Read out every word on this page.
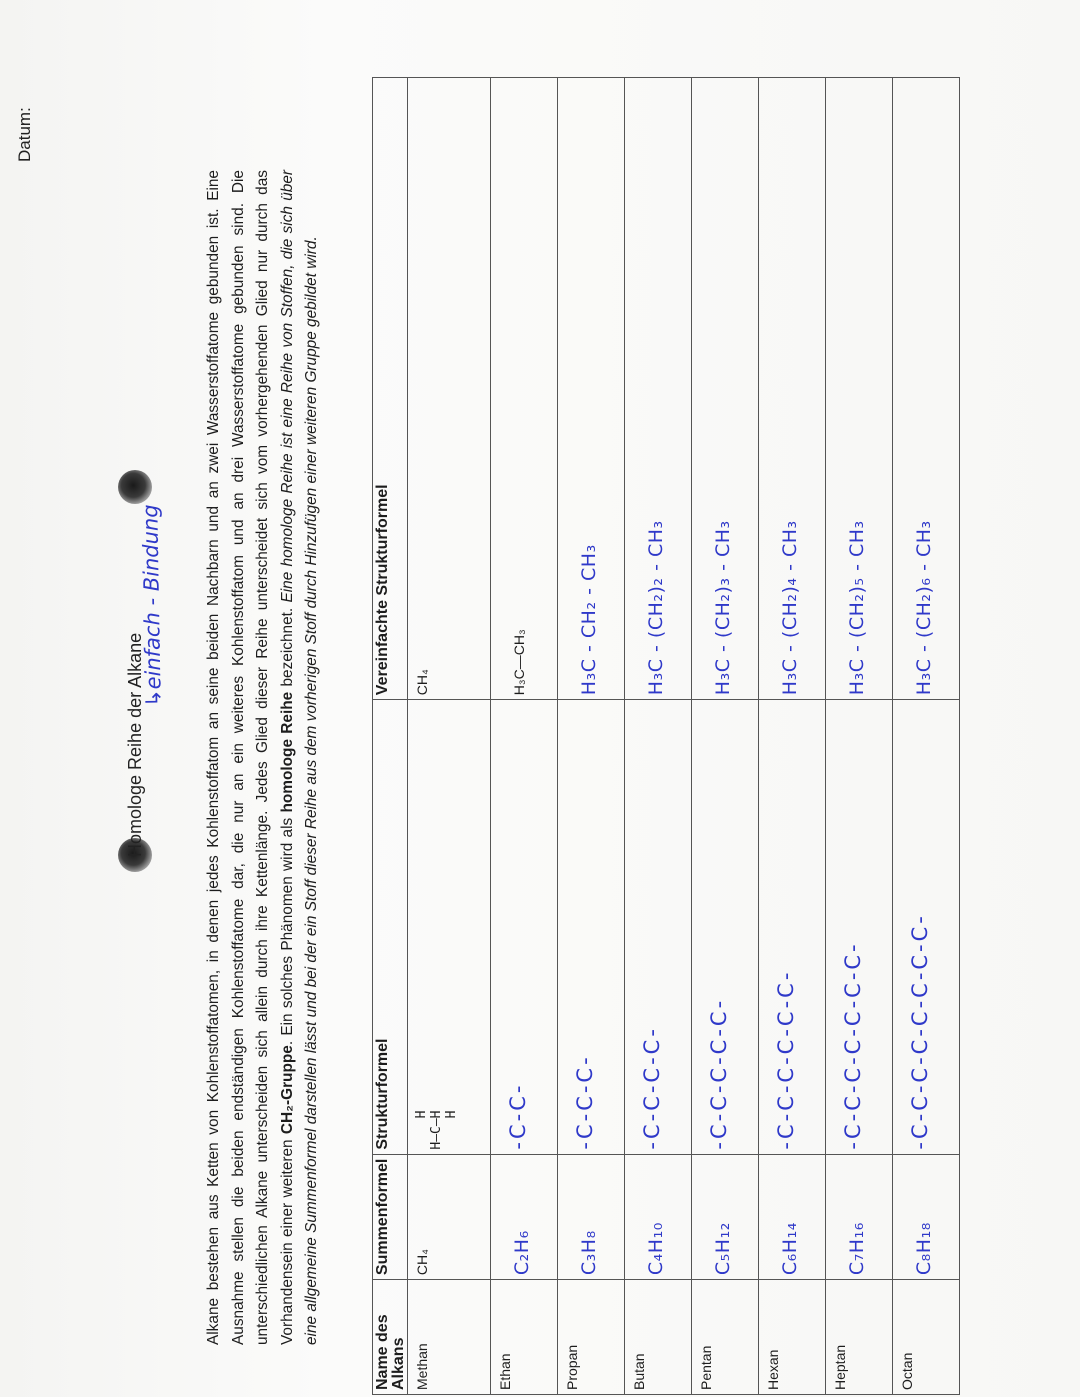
Datum:
Homologe Reihe der Alkane
↳einfach - Bindung	Alkane bestehen aus Ketten von Kohlenstoffatomen, in denen jedes Kohlenstoffatom an seine beiden Nachbarn und an zwei Wasserstoffatome gebunden ist. Eine Ausnahme stellen die beiden endständigen Kohlenstoffatome dar, die nur an ein weiteres Kohlenstoffatom und an drei Wasserstoffatome gebunden sind. Die unterschiedlichen Alkane unterscheiden sich allein durch ihre Kettenlänge. Jedes Glied dieser Reihe unterscheidet sich vom vorhergehenden Glied nur durch das Vorhandensein einer weiteren CH₂-Gruppe. Ein solches Phänomen wird als homologe Reihe bezeichnet. Eine homologe Reihe ist eine Reihe von Stoffen, die sich über eine allgemeine Summenformel darstellen lässt und bei der ein Stoff dieser Reihe aus dem vorherigen Stoff durch Hinzufügen einer weiteren Gruppe gebildet wird.
Name des Alkans	Summenformel	Strukturformel	Vereinfachte Strukturformel
Methan	CH₄	H
H—C—H
H	CH₄
Ethan	C₂H₆	-C-C-	H₃C—CH₃
Propan	C₃H₈	-C-C-C-	H₃C - CH₂ - CH₃
Butan	C₄H₁₀	-C-C-C-C-	H₃C - (CH₂)₂ - CH₃
Pentan	C₅H₁₂	-C-C-C-C-C-	H₃C - (CH₂)₃ - CH₃
Hexan	C₆H₁₄	-C-C-C-C-C-C-	H₃C - (CH₂)₄ - CH₃
Heptan	C₇H₁₆	-C-C-C-C-C-C-C-	H₃C - (CH₂)₅ - CH₃
Octan	C₈H₁₈	-C-C-C-C-C-C-C-C-	H₃C - (CH₂)₆ - CH₃
